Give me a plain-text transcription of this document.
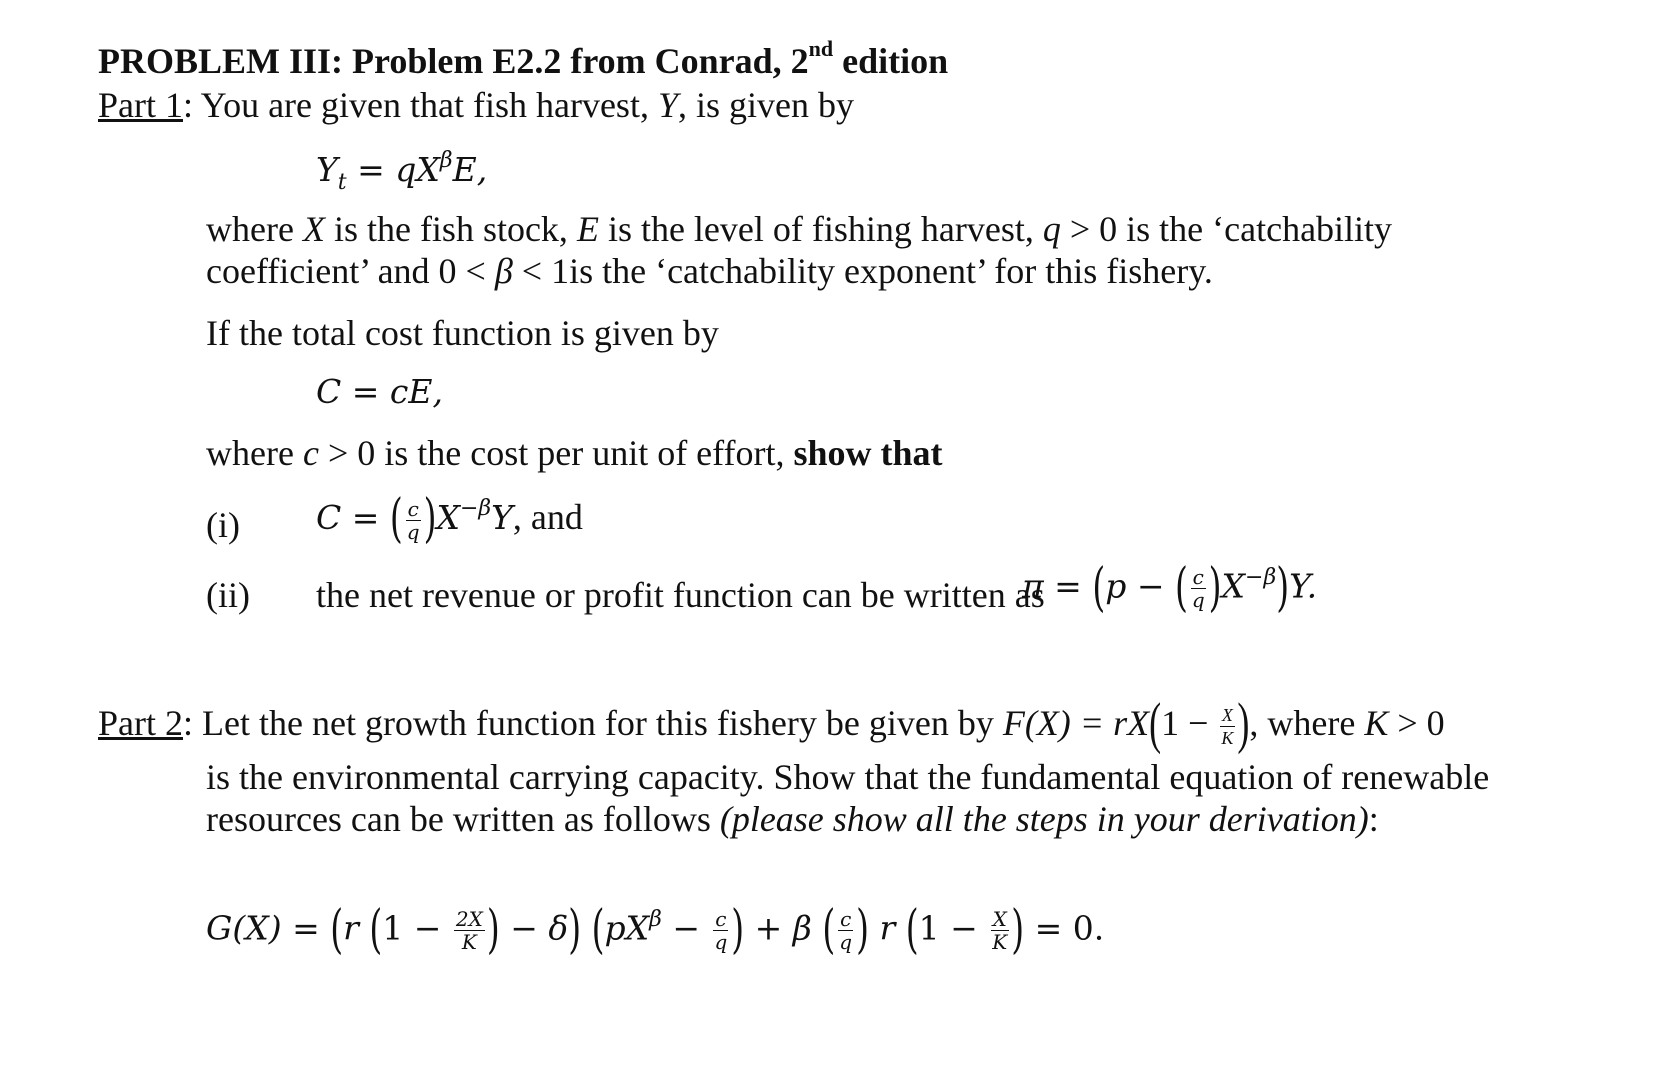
PROBLEM III: Problem E2.2 from Conrad, 2nd edition
Part 1: You are given that fish harvest, Y, is given by
$Y_t = qX^\beta E$,
where X is the fish stock, E is the level of fishing harvest, q > 0 is the ‘catchability
coefficient’ and 0 < β < 1is the ‘catchability exponent’ for this fishery.
If the total cost function is given by
C = cE,
where c > 0 is the cost per unit of effort, show that
(i) C = ( $\frac{c}{q} )X^{-\beta}Y$, and
(ii) the net revenue or profit function can be written as
π = (p − ( $\frac{c}{q} )X^{-\beta})Y$.
Part 2: Let the net growth function for this fishery be given by $F(X) = rX(1 - \frac{X}{K}$ ), where K > 0
is the environmental carrying capacity. Show that the fundamental equation of renewable
resources can be written as follows (please show all the steps in your derivation):
G(X) = (r ($1 - \frac{2X}{K}$ ) − δ) ($pX^\beta - \frac{c}{q}$ ) + β ( $\frac{c}{q}$ ) r ($1 - \frac{X}{K}$ ) = 0.
